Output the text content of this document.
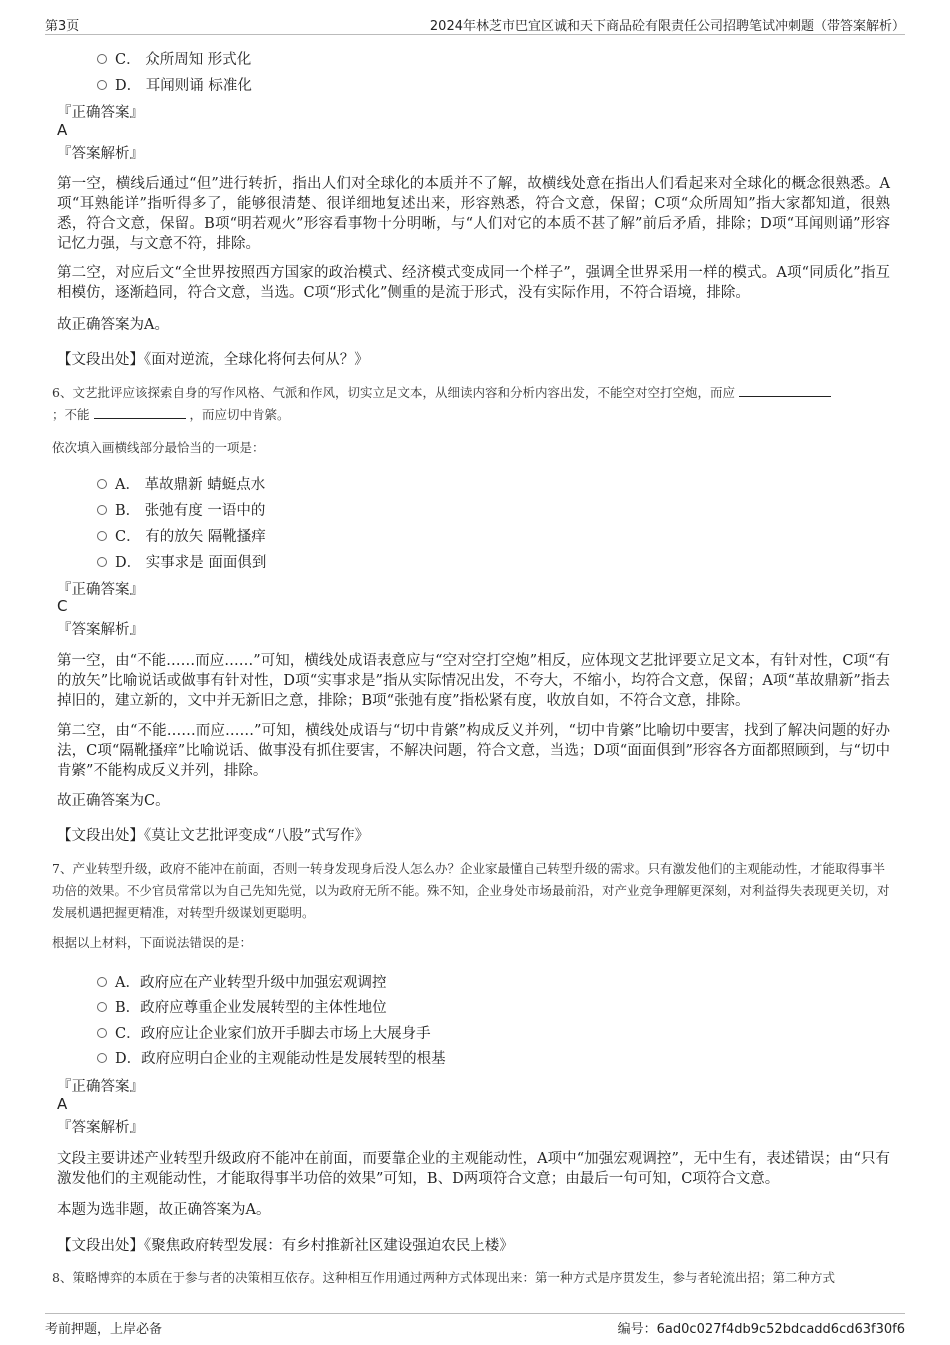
第3页	2024年林芝市巴宜区诚和天下商品砼有限责任公司招聘笔试冲刺题（带答案解析）
C． 众所周知 形式化
D． 耳闻则诵 标准化
『正确答案』
A
『答案解析』
第一空，横线后通过“但”进行转折，指出人们对全球化的本质并不了解，故横线处意在指出人们看起来对全球化的概念很熟悉。A项“耳熟能详”指听得多了，能够很清楚、很详细地复述出来，形容熟悉，符合文意，保留；C项“众所周知”指大家都知道，很熟悉，符合文意，保留。B项“明若观火”形容看事物十分明晰，与“人们对它的本质不甚了解”前后矛盾，排除；D项“耳闻则诵”形容记忆力强，与文意不符，排除。
第二空，对应后文“全世界按照西方国家的政治模式、经济模式变成同一个样子”，强调全世界采用一样的模式。A项“同质化”指互相模仿，逐渐趋同，符合文意，当选。C项“形式化”侧重的是流于形式，没有实际作用，不符合语境，排除。
故正确答案为A。
【文段出处】《面对逆流，全球化将何去何从？》
6、文艺批评应该探索自身的写作风格、气派和作风，切实立足文本，从细读内容和分析内容出发，不能空对空打空炮，而应
；不能	，而应切中肯綮。
依次填入画横线部分最恰当的一项是：
A． 革故鼎新 蜻蜓点水
B． 张弛有度 一语中的
C． 有的放矢 隔靴搔痒
D． 实事求是 面面俱到
『正确答案』
C
『答案解析』
第一空，由“不能……而应……”可知，横线处成语表意应与“空对空打空炮”相反，应体现文艺批评要立足文本，有针对性，C项“有的放矢”比喻说话或做事有针对性，D项“实事求是”指从实际情况出发，不夸大，不缩小，均符合文意，保留；A项“革故鼎新”指去掉旧的，建立新的，文中并无新旧之意，排除；B项“张弛有度”指松紧有度，收放自如，不符合文意，排除。
第二空，由“不能……而应……”可知，横线处成语与“切中肯綮”构成反义并列，“切中肯綮”比喻切中要害，找到了解决问题的好办法，C项“隔靴搔痒”比喻说话、做事没有抓住要害，不解决问题，符合文意，当选；D项“面面俱到”形容各方面都照顾到，与“切中肯綮”不能构成反义并列，排除。
故正确答案为C。
【文段出处】《莫让文艺批评变成“八股”式写作》
7、产业转型升级，政府不能冲在前面，否则一转身发现身后没人怎么办？企业家最懂自己转型升级的需求。只有激发他们的主观能动性，才能取得事半功倍的效果。不少官员常常以为自己先知先觉，以为政府无所不能。殊不知，企业身处市场最前沿，对产业竞争理解更深刻，对利益得失表现更关切，对发展机遇把握更精准，对转型升级谋划更聪明。
根据以上材料，下面说法错误的是：
A．政府应在产业转型升级中加强宏观调控
B．政府应尊重企业发展转型的主体性地位
C．政府应让企业家们放开手脚去市场上大展身手
D．政府应明白企业的主观能动性是发展转型的根基
『正确答案』
A
『答案解析』
文段主要讲述产业转型升级政府不能冲在前面，而要靠企业的主观能动性，A项中“加强宏观调控”，无中生有，表述错误；由“只有激发他们的主观能动性，才能取得事半功倍的效果”可知，B、D两项符合文意；由最后一句可知，C项符合文意。
本题为选非题，故正确答案为A。
【文段出处】《聚焦政府转型发展：有乡村推新社区建设强迫农民上楼》
8、策略博弈的本质在于参与者的决策相互依存。这种相互作用通过两种方式体现出来：第一种方式是序贯发生，参与者轮流出招；第二种方式
考前押题，上岸必备	编号：6ad0c027f4db9c52bdcadd6cd63f30f6
